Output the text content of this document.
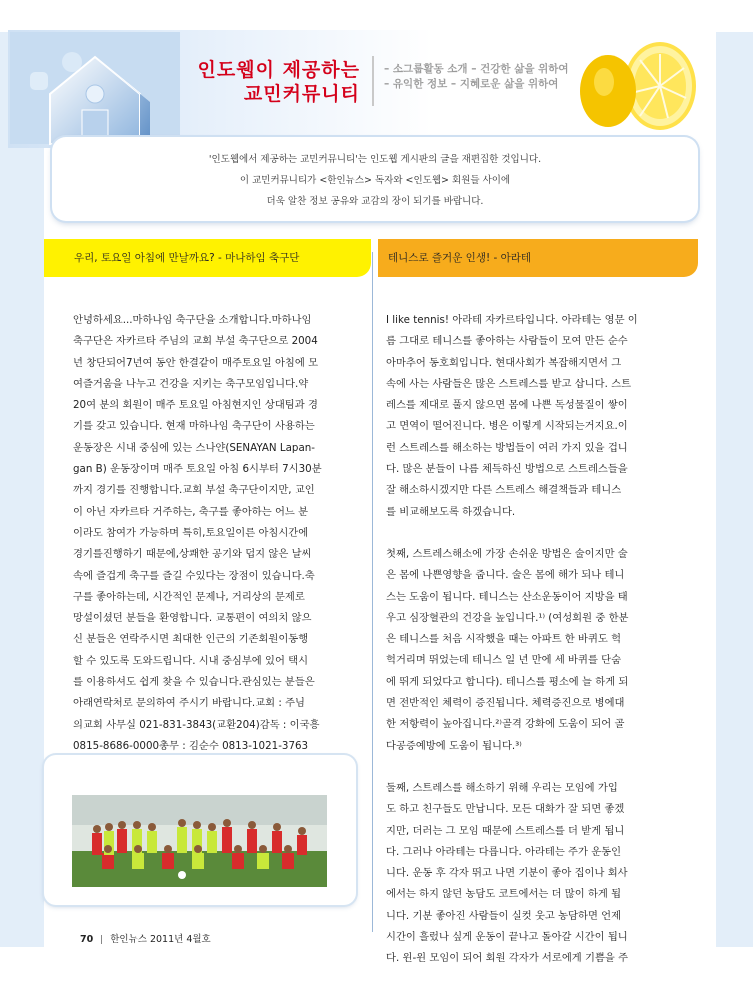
인도웹이 제공하는
교민커뮤니티
– 소그룹활동 소개 – 건강한 삶을 위하여
– 유익한 정보 – 지혜로운 삶을 위하여
'인도웹에서 제공하는 교민커뮤니티'는 인도웹 게시판의 글을 재편집한 것입니다.
이 교민커뮤니티가 <한인뉴스> 독자와 <인도웹> 회원들 사이에
더욱 알찬 정보 공유와 교감의 장이 되기를 바랍니다.
우리, 토요일 아침에 만날까요? - 마나하임 축구단	테니스로 즐거운 인생! - 아라테
안녕하세요...마하나임 축구단을 소개합니다.마하나임
축구단은 자카르타 주님의 교회 부설 축구단으로 2004
년 창단되어7년여 동안 한결같이 매주토요일 아침에 모
여즐거움을 나누고 건강을 지키는 축구모임입니다.약
20여 분의 회원이 매주 토요일 아침현지인 상대팀과 경
기를 갖고 있습니다. 현재 마하나임 축구단이 사용하는
운동장은 시내 중심에 있는 스나얀(SENAYAN Lapan-
gan B) 운동장이며 매주 토요일 아침 6시부터 7시30분
까지 경기를 진행합니다.교회 부설 축구단이지만, 교인
이 아닌 자카르타 거주하는, 축구를 좋아하는 어느 분
이라도 참여가 가능하며 특히,토요일이른 아침시간에
경기를진행하기 때문에,상쾌한 공기와 덥지 않은 날씨
속에 즐겁게 축구를 즐길 수있다는 장점이 있습니다.축
구를 좋아하는데, 시간적인 문제나, 거리상의 문제로
망설이셨던 분들을 환영합니다. 교통편이 여의치 않으
신 분들은 연락주시면 최대한 인근의 기존회원이동행
할 수 있도록 도와드립니다. 시내 중심부에 있어 택시
를 이용하셔도 쉽게 찾을 수 있습니다.관심있는 분들은
아래연락처로 문의하여 주시기 바랍니다.교회 : 주님
의교회 사무실 021-831-3843(교환204)감독 : 이국흥
0815-8686-0000총무 : 김순수 0813-1021-3763

I like tennis! 아라테 자카르타입니다. 아라테는 영문 이
름 그대로 테니스를 좋아하는 사람들이 모여 만든 순수
아마추어 동호회입니다. 현대사회가 복잡해지면서 그
속에 사는 사람들은 많은 스트레스를 받고 삽니다. 스트
레스를 제대로 풀지 않으면 몸에 나쁜 독성물질이 쌓이
고 면역이 떨어진니다. 병은 이렇게 시작되는거지요.이
런 스트레스를 해소하는 방법들이 여러 가지 있을 겁니
다. 많은 분들이 나름 체득하신 방법으로 스트레스들을
잘 해소하시겠지만 다른 스트레스 해결책들과 테니스
를 비교해보도록 하겠습니다.

첫째, 스트레스해소에 가장 손쉬운 방법은 술이지만 술
은 몸에 나쁜영향을 줍니다. 술은 몸에 해가 되나 테니
스는 도움이 됩니다. 테니스는 산소운동이어 지방을 태
우고 심장혈관의 건강을 높입니다.¹⁾ (여성회원 중 한분
은 테니스를 처음 시작했을 때는 아파트 한 바퀴도 헉
헉거리며 뛰었는데 테니스 일 년 만에 세 바퀴를 단숨
에 뛰게 되었다고 합니다). 테니스를 평소에 늘 하게 되
면 전반적인 체력이 증진됩니다. 체력증진으로 병에대
한 저항력이 높아집니다.²⁾골격 강화에 도움이 되어 골
다공증예방에 도움이 됩니다.³⁾

둘째, 스트레스를 해소하기 위해 우리는 모임에 가입
도 하고 친구들도 만납니다. 모든 대화가 잘 되면 좋겠
지만, 더러는 그 모임 때문에 스트레스를 더 받게 됩니
다. 그러나 아라테는 다릅니다. 아라테는 주가 운동인
니다. 운동 후 각자 뛰고 나면 기분이 좋아 집이나 회사
에서는 하지 않던 농담도 코트에서는 더 많이 하게 됩
니다. 기분 좋아진 사람들이 실컷 웃고 농담하면 언제
시간이 흘렀나 싶게 운동이 끝나고 돌아갈 시간이 됩니
다. 윈-윈 모임이 되어 회원 각자가 서로에게 기쁨을 주

70 한인뉴스 2011년 4월호
